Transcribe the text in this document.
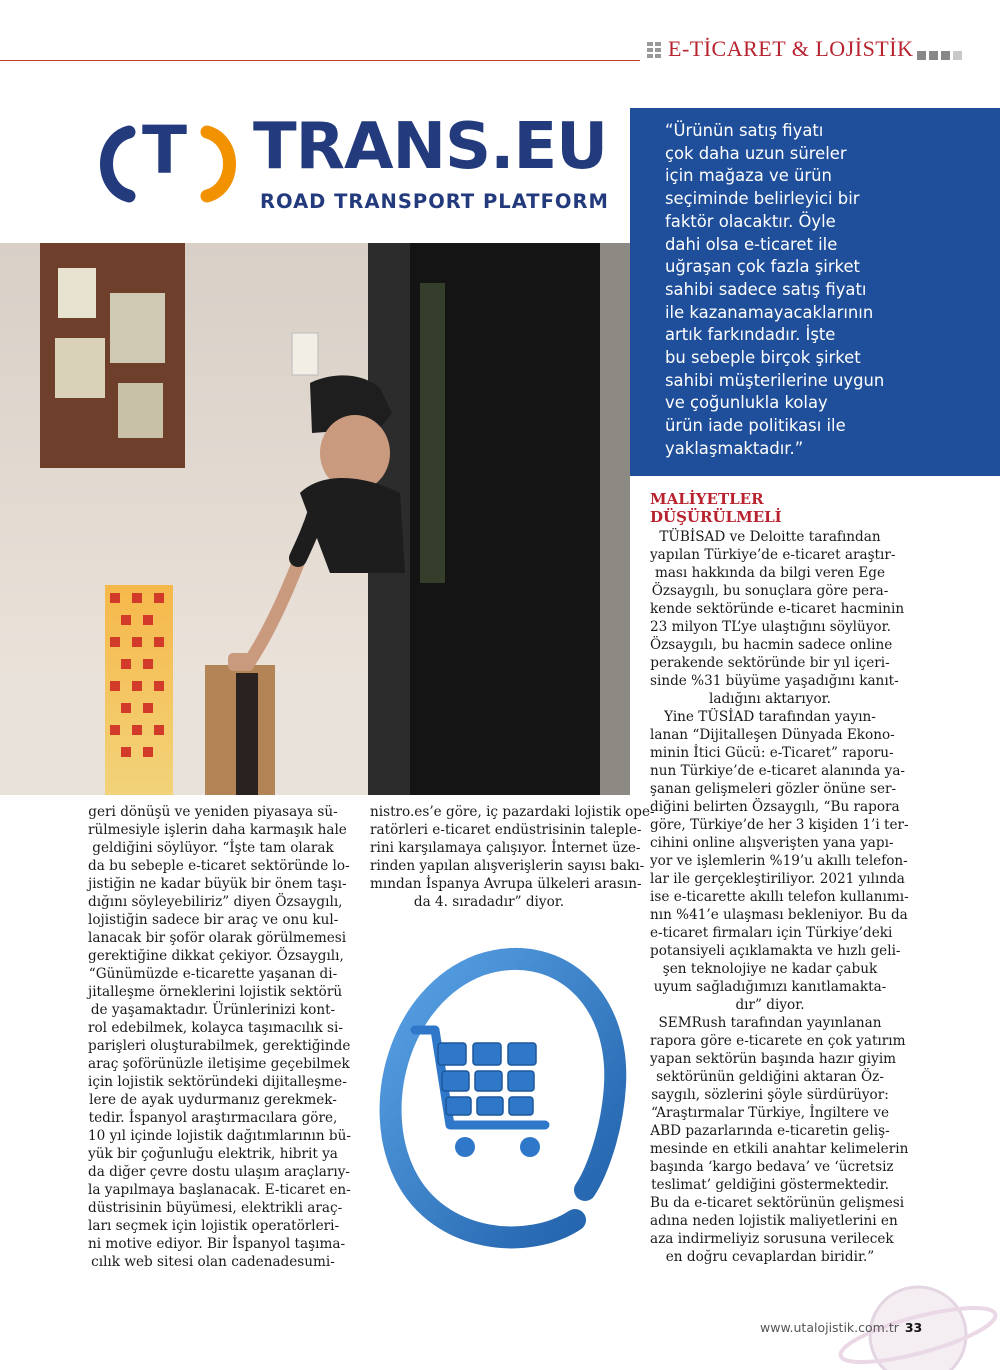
E-TİCARET & LOJİSTİK
T TRANS.EU
ROAD TRANSPORT PLATFORM

“Ürünün satış fiyatı
çok daha uzun süreler
için mağaza ve ürün
seçiminde belirleyici bir
faktör olacaktır. Öyle
dahi olsa e-ticaret ile
uğraşan çok fazla şirket
sahibi sadece satış fiyatı
ile kazanamayacaklarının
artık farkındadır. İşte
bu sebeple birçok şirket
sahibi müşterilerine uygun
ve çoğunlukla kolay
ürün iade politikası ile
yaklaşmaktadır.”

geri dönüşü ve yeniden piyasaya sü-
rülmesiyle işlerin daha karmaşık hale
geldiğini söylüyor. “İşte tam olarak
da bu sebeple e-ticaret sektöründe lo-
jistiğin ne kadar büyük bir önem taşı-
dığını söyleyebiliriz” diyen Özsaygılı,
lojistiğin sadece bir araç ve onu kul-
lanacak bir şoför olarak görülmemesi
gerektiğine dikkat çekiyor. Özsaygılı,
“Günümüzde e-ticarette yaşanan di-
jitalleşme örneklerini lojistik sektörü
de yaşamaktadır. Ürünlerinizi kont-
rol edebilmek, kolayca taşımacılık si-
parişleri oluşturabilmek, gerektiğinde
araç şoförünüzle iletişime geçebilmek
için lojistik sektöründeki dijitalleşme-
lere de ayak uydurmanız gerekmek-
tedir. İspanyol araştırmacılara göre,
10 yıl içinde lojistik dağıtımlarının bü-
yük bir çoğunluğu elektrik, hibrit ya
da diğer çevre dostu ulaşım araçlarıy-
la yapılmaya başlanacak. E-ticaret en-
düstrisinin büyümesi, elektrikli araç-
ları seçmek için lojistik operatörleri-
ni motive ediyor. Bir İspanyol taşıma-
cılık web sitesi olan cadenadesumi-

nistro.es’e göre, iç pazardaki lojistik ope-
ratörleri e-ticaret endüstrisinin taleple-
rini karşılamaya çalışıyor. İnternet üze-
rinden yapılan alışverişlerin sayısı bakı-
mından İspanya Avrupa ülkeleri arasın-
da 4. sıradadır” diyor.

MALİYETLER
DÜŞÜRÜLMELİ

TÜBİSAD ve Deloitte tarafından
yapılan Türkiye’de e-ticaret araştır-
ması hakkında da bilgi veren Ege
Özsaygılı, bu sonuçlara göre pera-
kende sektöründe e-ticaret hacminin
23 milyon TL’ye ulaştığını söylüyor.
Özsaygılı, bu hacmin sadece online
perakende sektöründe bir yıl içeri-
sinde %31 büyüme yaşadığını kanıt-
ladığını aktarıyor.
Yine TÜSİAD tarafından yayın-
lanan “Dijitalleşen Dünyada Ekono-
minin İtici Gücü: e-Ticaret” raporu-
nun Türkiye’de e-ticaret alanında ya-
şanan gelişmeleri gözler önüne ser-
diğini belirten Özsaygılı, “Bu rapora
göre, Türkiye’de her 3 kişiden 1’i ter-
cihini online alışverişten yana yapı-
yor ve işlemlerin %19’u akıllı telefon-
lar ile gerçekleştiriliyor. 2021 yılında
ise e-ticarette akıllı telefon kullanımı-
nın %41’e ulaşması bekleniyor. Bu da
e-ticaret firmaları için Türkiye’deki
potansiyeli açıklamakta ve hızlı geli-
şen teknolojiye ne kadar çabuk
uyum sağladığımızı kanıtlamakta-
dır” diyor.
SEMRush tarafından yayınlanan
rapora göre e-ticarete en çok yatırım
yapan sektörün başında hazır giyim
sektörünün geldiğini aktaran Öz-
saygılı, sözlerini şöyle sürdürüyor:
“Araştırmalar Türkiye, İngiltere ve
ABD pazarlarında e-ticaretin geliş-
mesinde en etkili anahtar kelimelerin
başında ‘kargo bedava’ ve ‘ücretsiz
teslimat’ geldiğini göstermektedir.
Bu da e-ticaret sektörünün gelişmesi
adına neden lojistik maliyetlerini en
aza indirmeliyiz sorusuna verilecek
en doğru cevaplardan biridir.”

www.utalojistik.com.tr 33
